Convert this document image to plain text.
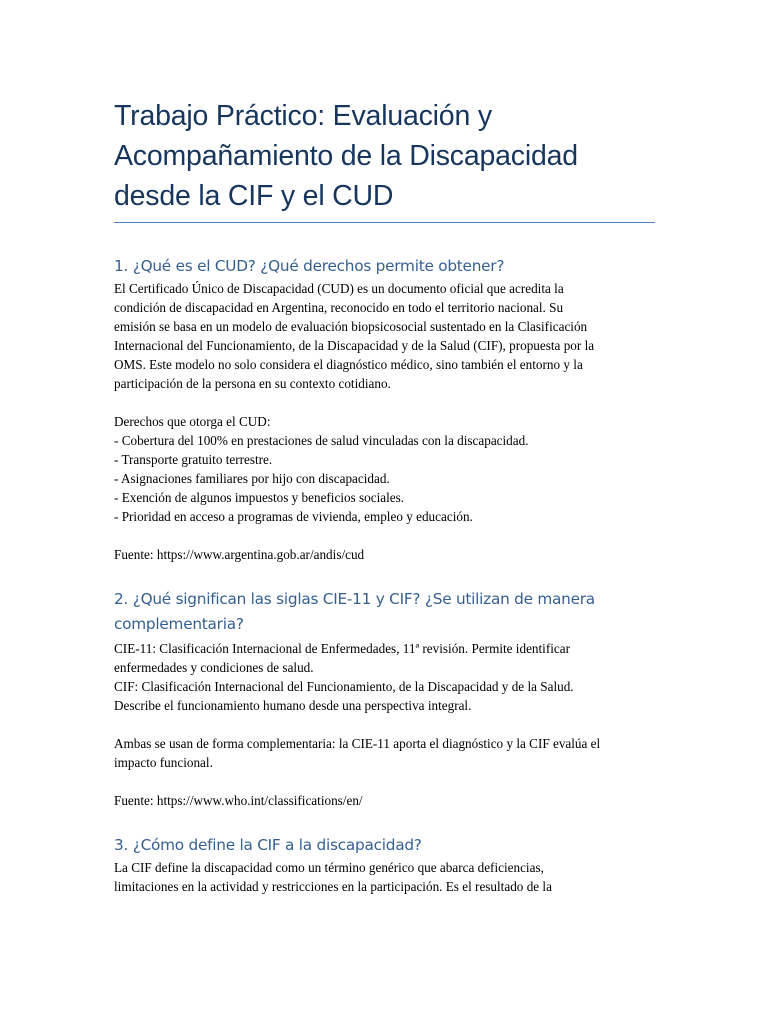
Trabajo Práctico: Evaluación y
Acompañamiento de la Discapacidad
desde la CIF y el CUD
1. ¿Qué es el CUD? ¿Qué derechos permite obtener?
El Certificado Único de Discapacidad (CUD) es un documento oficial que acredita la
condición de discapacidad en Argentina, reconocido en todo el territorio nacional. Su
emisión se basa en un modelo de evaluación biopsicosocial sustentado en la Clasificación
Internacional del Funcionamiento, de la Discapacidad y de la Salud (CIF), propuesta por la
OMS. Este modelo no solo considera el diagnóstico médico, sino también el entorno y la
participación de la persona en su contexto cotidiano.
Derechos que otorga el CUD:
- Cobertura del 100% en prestaciones de salud vinculadas con la discapacidad.
- Transporte gratuito terrestre.
- Asignaciones familiares por hijo con discapacidad.
- Exención de algunos impuestos y beneficios sociales.
- Prioridad en acceso a programas de vivienda, empleo y educación.

Fuente: https://www.argentina.gob.ar/andis/cud

2. ¿Qué significan las siglas CIE-11 y CIF? ¿Se utilizan de manera
complementaria?
CIE-11: Clasificación Internacional de Enfermedades, 11ª revisión. Permite identificar
enfermedades y condiciones de salud.
CIF: Clasificación Internacional del Funcionamiento, de la Discapacidad y de la Salud.
Describe el funcionamiento humano desde una perspectiva integral.
Ambas se usan de forma complementaria: la CIE-11 aporta el diagnóstico y la CIF evalúa el
impacto funcional.

Fuente: https://www.who.int/classifications/en/

3. ¿Cómo define la CIF a la discapacidad?
La CIF define la discapacidad como un término genérico que abarca deficiencias,
limitaciones en la actividad y restricciones en la participación. Es el resultado de la
